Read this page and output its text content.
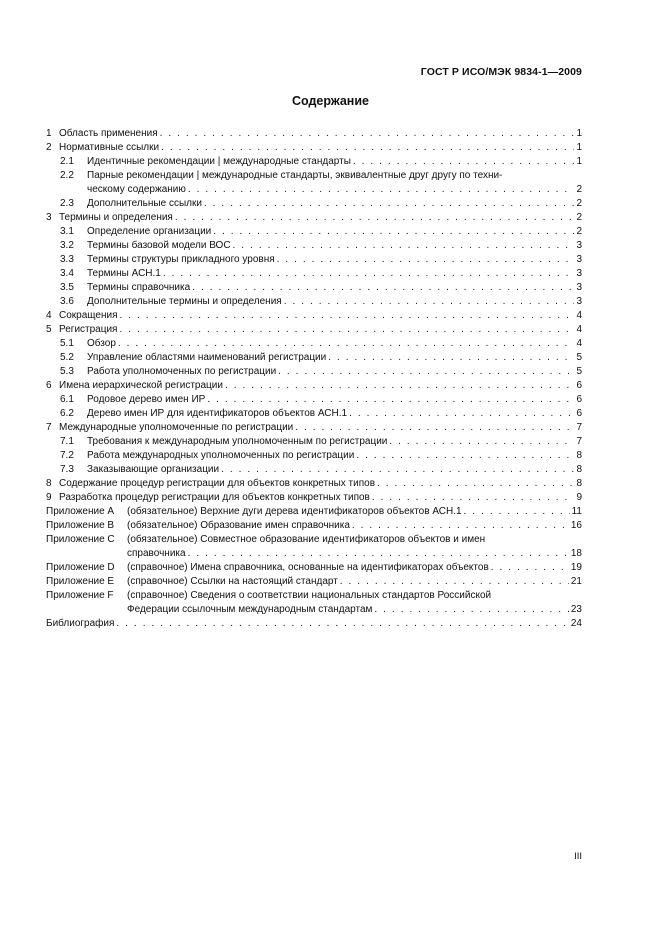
ГОСТ Р ИСО/МЭК 9834-1—2009
Содержание
1 Область применения . . .	1
2 Нормативные ссылки . . .	1
2.1	Идентичные рекомендации | международные стандарты . . .	1
2.2	Парные рекомендации | международные стандарты, эквивалентные друг другу по техни-
ческому содержанию . . .	2
2.3	Дополнительные ссылки . . .	2
3 Термины и определения . . .	2
3.1	Определение организации . . .	2
3.2	Термины базовой модели ВОС . . .	3
3.3	Термины структуры прикладного уровня . . .	3
3.4	Термины АСН.1 . . .	3
3.5	Термины справочника . . .	3
3.6	Дополнительные термины и определения . . .	3
4 Сокращения . . .	4
5 Регистрация . . .	4
5.1	Обзор . . .	4
5.2	Управление областями наименований регистрации . . .	5
5.3	Работа уполномоченных по регистрации . . .	5
6 Имена иерархической регистрации . . .	6
6.1	Родовое дерево имен ИР . . .	6
6.2	Дерево имен ИР для идентификаторов объектов АСН.1 . . .	6
7 Международные уполномоченные по регистрации . . .	7
7.1	Требования к международным уполномоченным по регистрации . . .	7
7.2	Работа международных уполномоченных по регистрации . . .	8
7.3	Заказывающие организации . . .	8
8 Содержание процедур регистрации для объектов конкретных типов . . .	8
9 Разработка процедур регистрации для объектов конкретных типов . . .	9
Приложение А	(обязательное) Верхние дуги дерева идентификаторов объектов АСН.1 . . .	11
Приложение В	(обязательное) Образование имен справочника . . .	16
Приложение С	(обязательное) Совместное образование идентификаторов объектов и имен
справочника . . .	18
Приложение D	(справочное) Имена справочника, основанные на идентификаторах объектов . . .	19
Приложение Е	(справочное) Ссылки на настоящий стандарт . . .	21
Приложение F	(справочное) Сведения о соответствии национальных стандартов Российской
Федерации ссылочным международным стандартам . . .	23
Библиография . . .	24
III
